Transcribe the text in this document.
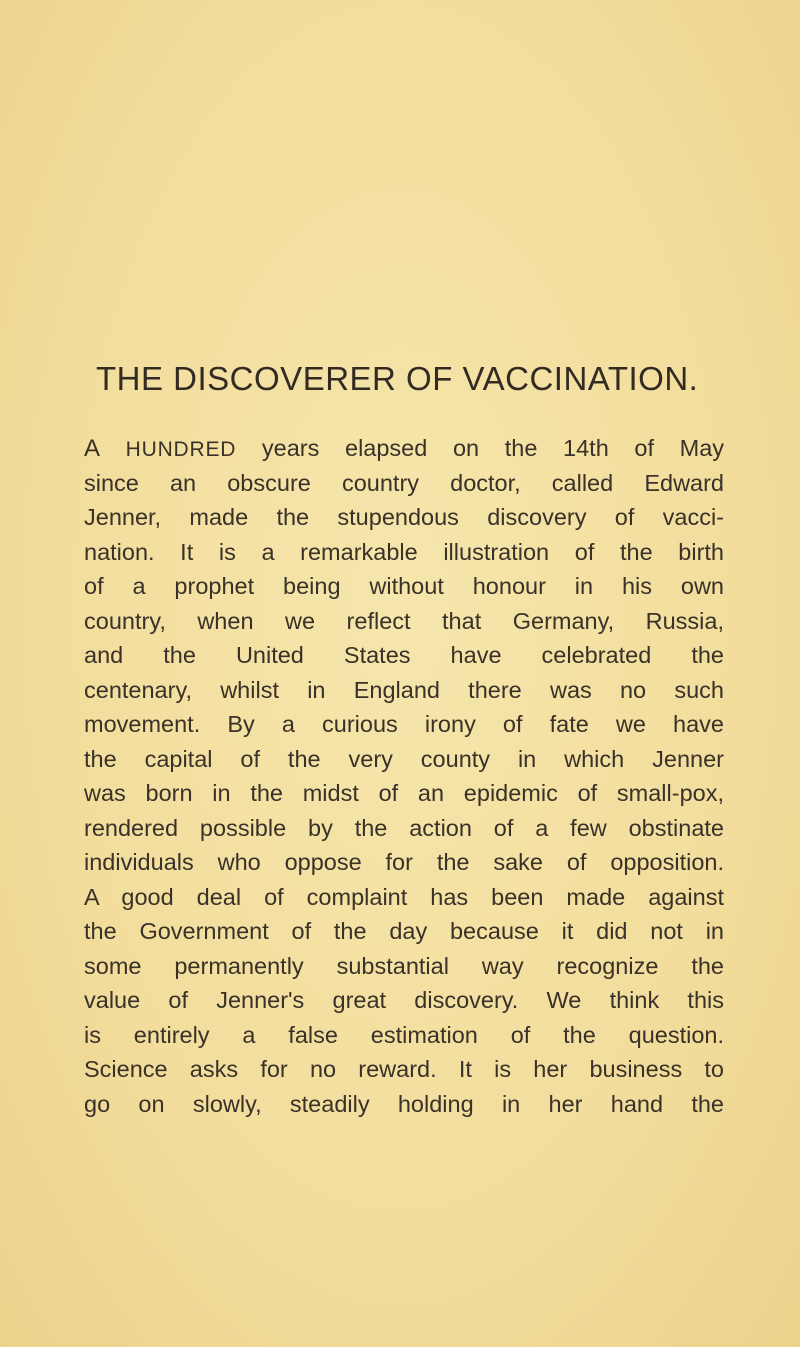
THE DISCOVERER OF VACCINATION.
A HUNDRED years elapsed on the 14th of May
since an obscure country doctor, called Edward
Jenner, made the stupendous discovery of vacci-
nation. It is a remarkable illustration of the birth
of a prophet being without honour in his own
country, when we reflect that Germany, Russia,
and the United States have celebrated the
centenary, whilst in England there was no such
movement. By a curious irony of fate we have
the capital of the very county in which Jenner
was born in the midst of an epidemic of small-pox,
rendered possible by the action of a few obstinate
individuals who oppose for the sake of opposition.
A good deal of complaint has been made against
the Government of the day because it did not in
some permanently substantial way recognize the
value of Jenner's great discovery. We think this
is entirely a false estimation of the question.
Science asks for no reward. It is her business to
go on slowly, steadily holding in her hand the
